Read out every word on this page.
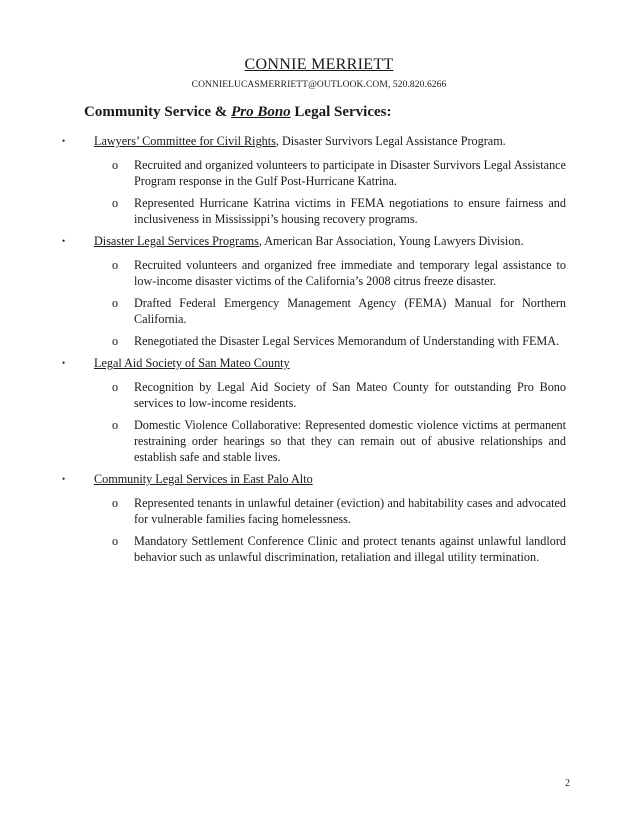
CONNIE MERRIETT
CONNIELUCASMERRIETT@OUTLOOK.COM, 520.820.6266
Community Service & Pro Bono Legal Services:
•	Lawyers’ Committee for Civil Rights, Disaster Survivors Legal Assistance Program.
o	Recruited and organized volunteers to participate in Disaster Survivors Legal Assistance Program response in the Gulf Post-Hurricane Katrina.
o	Represented Hurricane Katrina victims in FEMA negotiations to ensure fairness and inclusiveness in Mississippi’s housing recovery programs.
•	Disaster Legal Services Programs, American Bar Association, Young Lawyers Division.
o	Recruited volunteers and organized free immediate and temporary legal assistance to low-income disaster victims of the California’s 2008 citrus freeze disaster.
o	Drafted Federal Emergency Management Agency (FEMA) Manual for Northern California.
o	Renegotiated the Disaster Legal Services Memorandum of Understanding with FEMA.
•	Legal Aid Society of San Mateo County
o	Recognition by Legal Aid Society of San Mateo County for outstanding Pro Bono services to low-income residents.
o	Domestic Violence Collaborative: Represented domestic violence victims at permanent restraining order hearings so that they can remain out of abusive relationships and establish safe and stable lives.
•	Community Legal Services in East Palo Alto
o	Represented tenants in unlawful detainer (eviction) and habitability cases and advocated for vulnerable families facing homelessness.
o	Mandatory Settlement Conference Clinic and protect tenants against unlawful landlord behavior such as unlawful discrimination, retaliation and illegal utility termination.
2
